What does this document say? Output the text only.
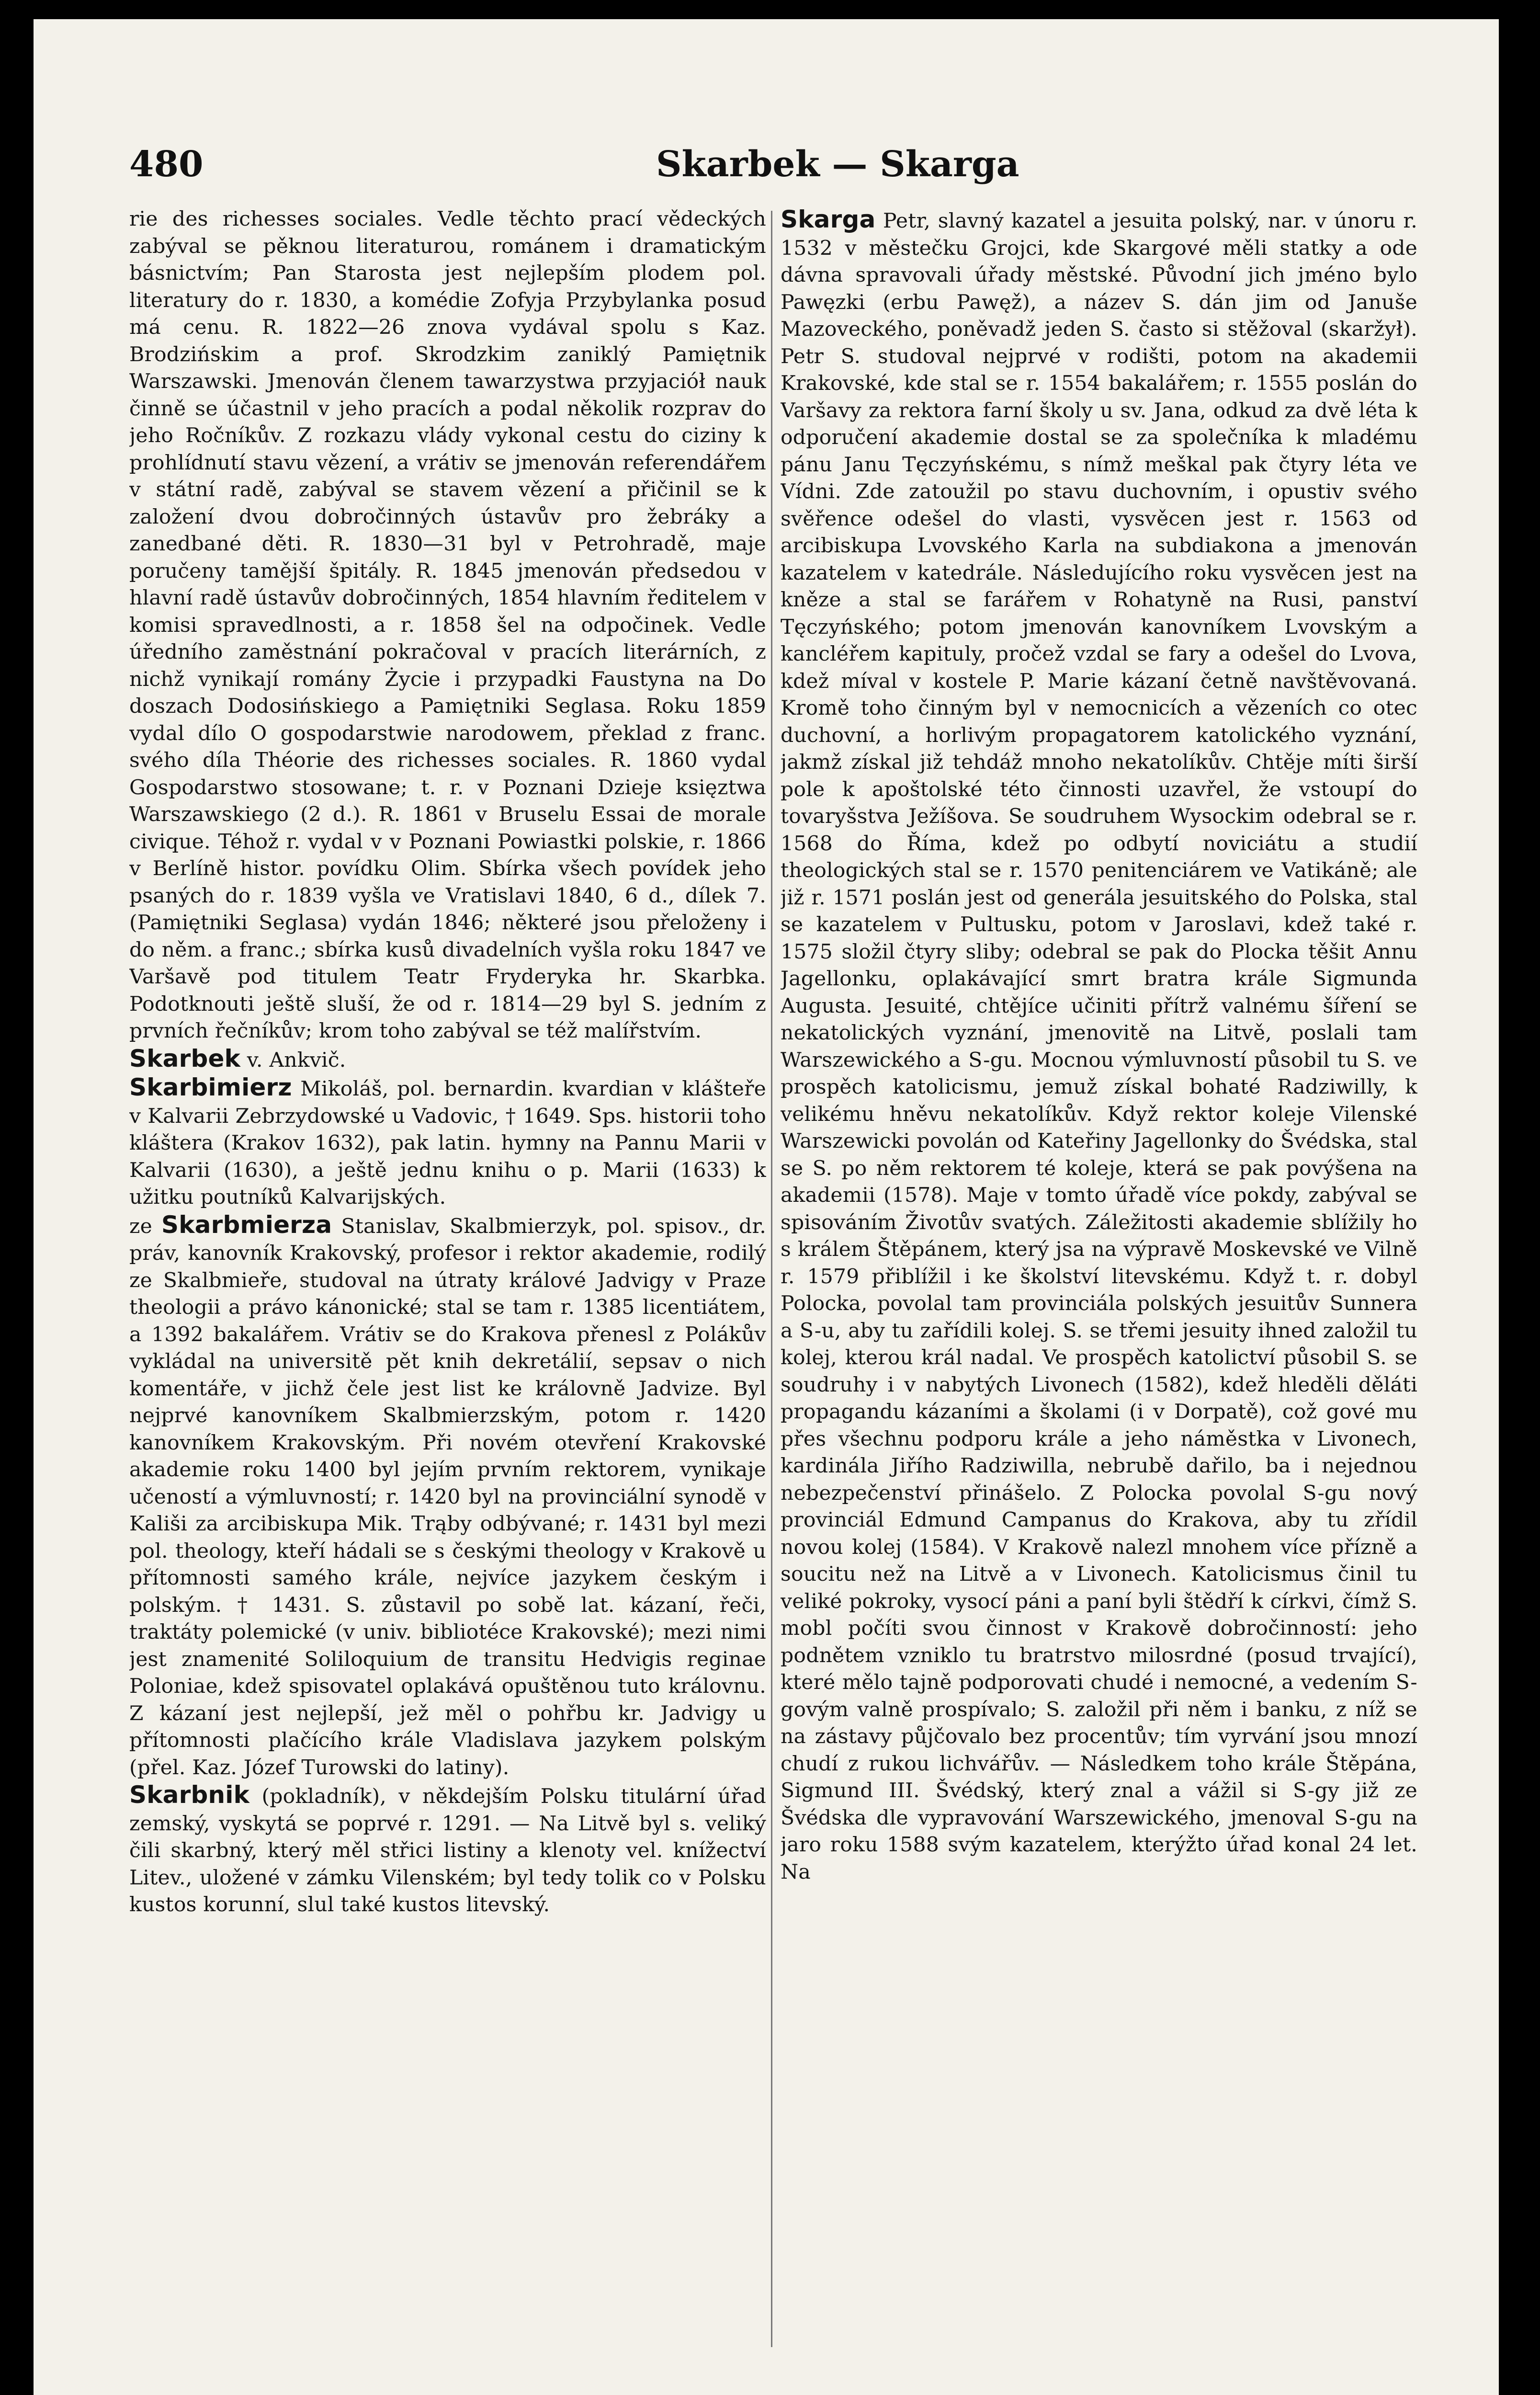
480	Skarbek — Skarga

rie des richesses sociales. Vedle těchto prací vědeckých zabýval se pěknou literaturou, románem i dramatickým básnictvím; Pan Starosta jest nejlepším plodem pol. literatury do r. 1830, a komédie Zofyja Przybylanka posud má cenu. R. 1822—26 znova vydával spolu s Kaz. Brodzińskim a prof. Skrodzkim zaniklý Pamiętnik Warszawski. Jmenován členem tawarzystwa przyjaciół nauk činně se účastnil v jeho pracích a podal několik rozprav do jeho Ročníkův. Z rozkazu vlády vykonal cestu do ciziny k prohlídnutí stavu vězení, a vrátiv se jmenován referendářem v státní radě, zabýval se stavem vězení a přičinil se k založení dvou dobročinných ústavův pro žebráky a zanedbané děti. R. 1830—31 byl v Petrohradě, maje poručeny tamější špitály. R. 1845 jmenován předsedou v hlavní radě ústavův dobročinných, 1854 hlavním ředitelem v komisi spravedlnosti, a r. 1858 šel na odpočinek. Vedle úředního zaměstnání pokračoval v pracích literárních, z nichž vynikají romány Życie i przypadki Faustyna na Do doszach Dodosińskiego a Pamiętniki Seglasa. Roku 1859 vydal dílo O gospodarstwie narodowem, překlad z franc. svého díla Théorie des richesses sociales. R. 1860 vydal Gospodarstwo stosowane; t. r. v Poznani Dzieje księztwa Warszawskiego (2 d.). R. 1861 v Bruselu Essai de morale civique. Téhož r. vydal v v Poznani Powiastki polskie, r. 1866 v Berlíně histor. povídku Olim. Sbírka všech povídek jeho psaných do r. 1839 vyšla ve Vratislavi 1840, 6 d., dílek 7. (Pamiętniki Seglasa) vydán 1846; některé jsou přeloženy i do něm. a franc.; sbírka kusů divadelních vyšla roku 1847 ve Varšavě pod titulem Teatr Fryderyka hr. Skarbka. Podotknouti ještě sluší, že od r. 1814—29 byl S. jedním z prvních řečníkův; krom toho zabýval se též malířstvím.

Skarbek v. Ankvič.

Skarbimierz Mikoláš, pol. bernardin. kvardian v klášteře v Kalvarii Zebrzydowské u Vadovic, † 1649. Sps. historii toho kláštera (Krakov 1632), pak latin. hymny na Pannu Marii v Kalvarii (1630), a ještě jednu knihu o p. Marii (1633) k užitku poutníků Kalvarijských.

ze Skarbmierza Stanislav, Skalbmierzyk, pol. spisov., dr. práv, kanovník Krakovský, profesor i rektor akademie, rodilý ze Skalbmieře, studoval na útraty králové Jadvigy v Praze theologii a právo kánonické; stal se tam r. 1385 licentiátem, a 1392 bakalářem. Vrátiv se do Krakova přenesl z Polákův vykládal na universitě pět knih dekretálií, sepsav o nich komentáře, v jichž čele jest list ke královně Jadvize. Byl nejprvé kanovníkem Skalbmierzským, potom r. 1420 kanovníkem Krakovským. Při novém otevření Krakovské akademie roku 1400 byl jejím prvním rektorem, vynikaje učeností a výmluvností; r. 1420 byl na provinciální synodě v Kališi za arcibiskupa Mik. Trąby odbývané; r. 1431 byl mezi pol. theology, kteří hádali se s českými theology v Krakově u přítomnosti samého krále, nejvíce jazykem českým i polským. † 1431. S. zůstavil po sobě lat. kázaní, řeči, traktáty polemické (v univ. bibliotéce Krakovské); mezi nimi jest znamenité Soliloquium de transitu Hedvigis reginae Poloniae, kdež spisovatel oplakává opuštěnou tuto královnu. Z kázaní jest nejlepší, jež měl o pohřbu kr. Jadvigy u přítomnosti plačícího krále Vladislava jazykem polským (přel. Kaz. Józef Turowski do latiny).

Skarbnik (pokladník), v někdejším Polsku titulární úřad zemský, vyskytá se poprvé r. 1291. — Na Litvě byl s. veliký čili skarbný, který měl střici listiny a klenoty vel. knížectví Litev., uložené v zámku Vilenském; byl tedy tolik co v Polsku kustos korunní, slul také kustos litevský.

Skarga Petr, slavný kazatel a jesuita polský, nar. v únoru r. 1532 v městečku Grojci, kde Skargové měli statky a ode dávna spravovali úřady městské. Původní jich jméno bylo Pawęzki (erbu Pawęž), a název S. dán jim od Januše Mazoveckého, poněvadž jeden S. často si stěžoval (skaržył). Petr S. studoval nejprvé v rodišti, potom na akademii Krakovské, kde stal se r. 1554 bakalářem; r. 1555 poslán do Varšavy za rektora farní školy u sv. Jana, odkud za dvě léta k odporučení akademie dostal se za společníka k mladému pánu Janu Tęczyńskému, s nímž meškal pak čtyry léta ve Vídni. Zde zatoužil po stavu duchovním, i opustiv svého svěřence odešel do vlasti, vysvěcen jest r. 1563 od arcibiskupa Lvovského Karla na subdiakona a jmenován kazatelem v katedrále. Následujícího roku vysvěcen jest na kněze a stal se farářem v Rohatyně na Rusi, panství Tęczyńského; potom jmenován kanovníkem Lvovským a kancléřem kapituly, pročež vzdal se fary a odešel do Lvova, kdež míval v kostele P. Marie kázaní četně navštěvovaná. Kromě toho činným byl v nemocnicích a vězeních co otec duchovní, a horlivým propagatorem katolického vyznání, jakmž získal již tehdáž mnoho nekatolíkův. Chtěje míti širší pole k apoštolské této činnosti uzavřel, že vstoupí do tovaryšstva Ježíšova. Se soudruhem Wysockim odebral se r. 1568 do Říma, kdež po odbytí noviciátu a studií theologických stal se r. 1570 penitenciárem ve Vatikáně; ale již r. 1571 poslán jest od generála jesuitského do Polska, stal se kazatelem v Pultusku, potom v Jaroslavi, kdež také r. 1575 složil čtyry sliby; odebral se pak do Plocka těšit Annu Jagellonku, oplakávající smrt bratra krále Sigmunda Augusta. Jesuité, chtějíce učiniti přítrž valnému šíření se nekatolických vyznání, jmenovitě na Litvě, poslali tam Warszewického a S-gu. Mocnou výmluvností působil tu S. ve prospěch katolicismu, jemuž získal bohaté Radziwilly, k velikému hněvu nekatolíkův. Když rektor koleje Vilenské Warszewicki povolán od Kateřiny Jagellonky do Švédska, stal se S. po něm rektorem té koleje, která se pak povýšena na akademii (1578). Maje v tomto úřadě více pokdy, zabýval se spisováním Životův svatých. Záležitosti akademie sblížily ho s králem Štěpánem, který jsa na výpravě Moskevské ve Vilně r. 1579 přiblížil i ke školství litevskému. Když t. r. dobyl Polocka, povolal tam provinciála polských jesuitův Sunnera a S-u, aby tu zařídili kolej. S. se třemi jesuity ihned založil tu kolej, kterou král nadal. Ve prospěch katolictví působil S. se soudruhy i v nabytých Livonech (1582), kdež hleděli děláti propagandu kázaními a školami (i v Dorpatě), což gové mu přes všechnu podporu krále a jeho náměstka v Livonech, kardinála Jiřího Radziwilla, nebrubě dařilo, ba i nejednou nebezpečenství přinášelo. Z Polocka povolal S-gu nový provinciál Edmund Campanus do Krakova, aby tu zřídil novou kolej (1584). V Krakově nalezl mnohem více přízně a soucitu než na Litvě a v Livonech. Katolicismus činil tu veliké pokroky, vysocí páni a paní byli štědří k církvi, čímž S. mobl počíti svou činnost v Krakově dobročinností: jeho podnětem vzniklo tu bratrstvo milosrdné (posud trvající), které mělo tajně podporovati chudé i nemocné, a vedením S-govým valně prospívalo; S. založil při něm i banku, z níž se na zástavy půjčovalo bez procentův; tím vyrvání jsou mnozí chudí z rukou lichvářův. — Následkem toho krále Štěpána, Sigmund III. Švédský, který znal a vážil si S-gy již ze Švédska dle vypravování Warszewického, jmenoval S-gu na jaro roku 1588 svým kazatelem, kterýžto úřad konal 24 let. Na
